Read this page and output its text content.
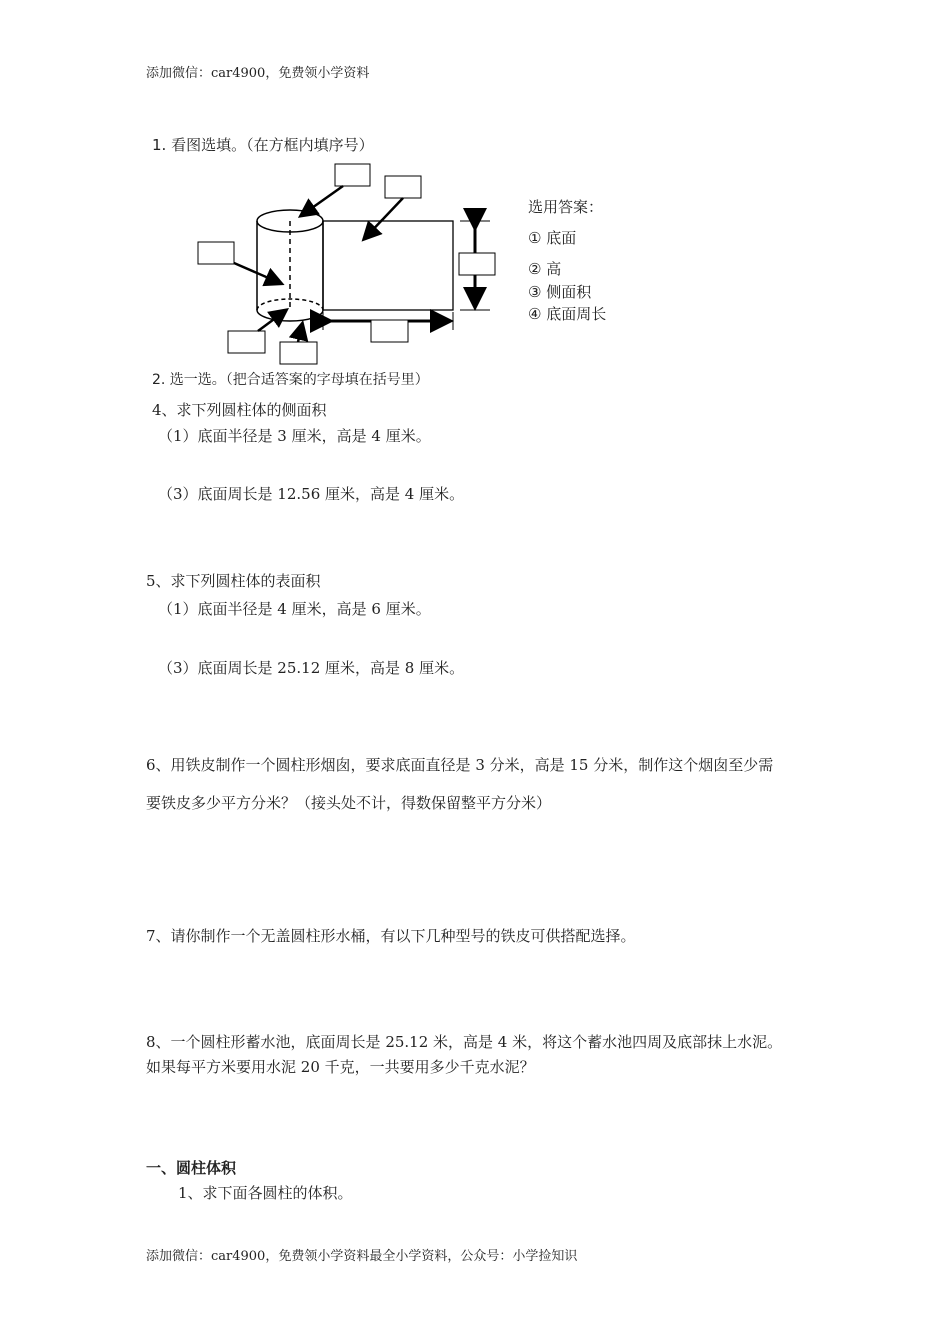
添加微信：car4900，免费领小学资料
1. 看图选填。（在方框内填序号）
选用答案：
① 底面
② 高
③ 侧面积
④ 底面周长
2. 选一选。（把合适答案的字母填在括号里）
4、求下列圆柱体的侧面积
（1）底面半径是 3 厘米，高是 4 厘米。
（3）底面周长是 12.56 厘米，高是 4 厘米。
5、求下列圆柱体的表面积
（1）底面半径是 4 厘米，高是 6 厘米。
（3）底面周长是 25.12 厘米，高是 8 厘米。
6、用铁皮制作一个圆柱形烟囱，要求底面直径是 3 分米，高是 15 分米，制作这个烟囱至少需
要铁皮多少平方分米？（接头处不计，得数保留整平方分米）
7、请你制作一个无盖圆柱形水桶，有以下几种型号的铁皮可供搭配选择。
8、一个圆柱形蓄水池，底面周长是 25.12 米，高是 4 米，将这个蓄水池四周及底部抹上水泥。
如果每平方米要用水泥 20 千克，一共要用多少千克水泥？
一、圆柱体积
1、求下面各圆柱的体积。
添加微信：car4900，免费领小学资料最全小学资料，公众号：小学捡知识
